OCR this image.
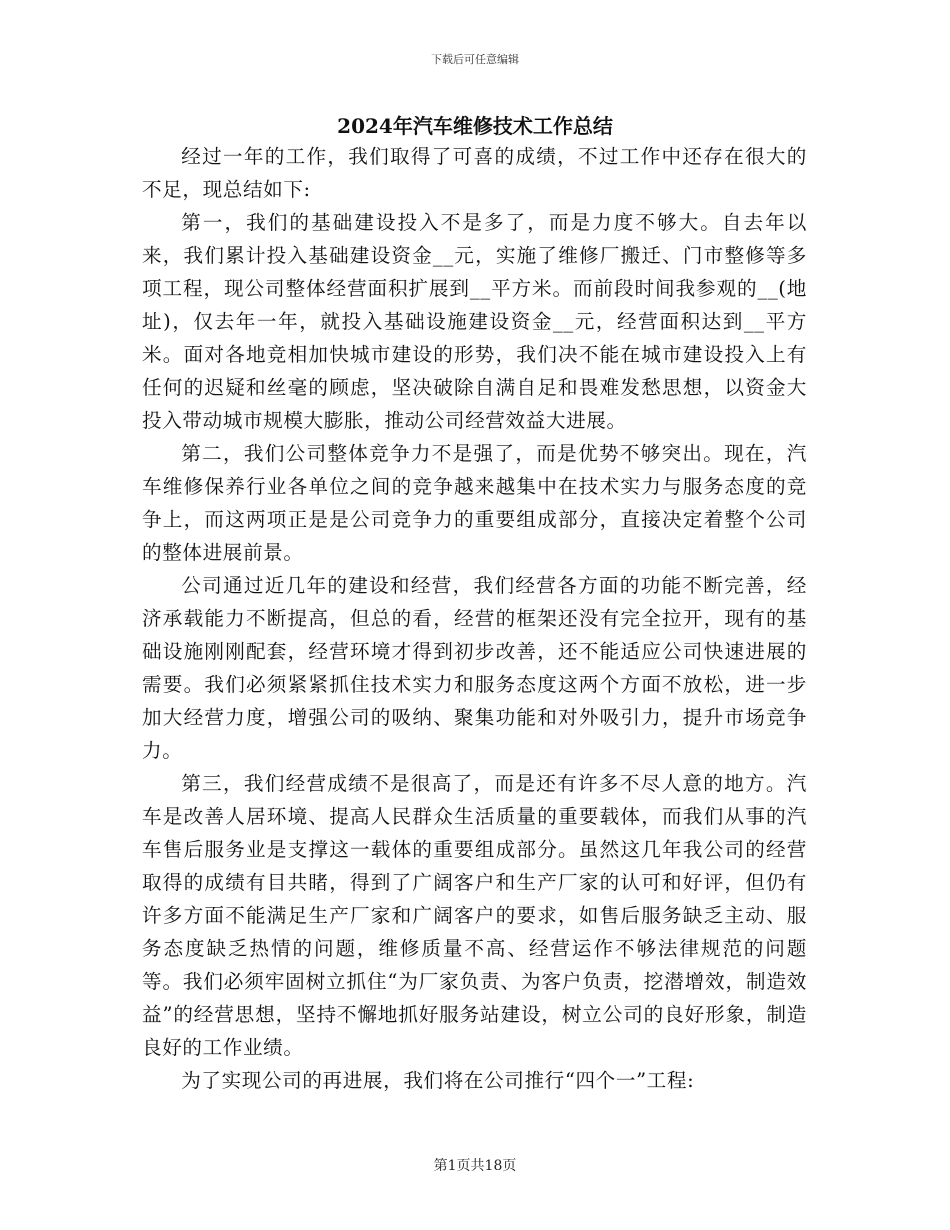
下载后可任意编辑
2024年汽车维修技术工作总结

经过一年的工作，我们取得了可喜的成绩，不过工作中还存在很大的不足，现总结如下:

第一，我们的基础建设投入不是多了，而是力度不够大。自去年以来，我们累计投入基础建设资金__元，实施了维修厂搬迁、门市整修等多项工程，现公司整体经营面积扩展到__平方米。而前段时间我参观的__(地址)，仅去年一年，就投入基础设施建设资金__元，经营面积达到__平方米。面对各地竞相加快城市建设的形势，我们决不能在城市建设投入上有任何的迟疑和丝毫的顾虑，坚决破除自满自足和畏难发愁思想，以资金大投入带动城市规模大膨胀，推动公司经营效益大进展。

第二，我们公司整体竞争力不是强了，而是优势不够突出。现在，汽车维修保养行业各单位之间的竞争越来越集中在技术实力与服务态度的竞争上，而这两项正是是公司竞争力的重要组成部分，直接决定着整个公司的整体进展前景。

公司通过近几年的建设和经营，我们经营各方面的功能不断完善，经济承载能力不断提高，但总的看，经营的框架还没有完全拉开，现有的基础设施刚刚配套，经营环境才得到初步改善，还不能适应公司快速进展的需要。我们必须紧紧抓住技术实力和服务态度这两个方面不放松，进一步加大经营力度，增强公司的吸纳、聚集功能和对外吸引力，提升市场竞争力。

第三，我们经营成绩不是很高了，而是还有许多不尽人意的地方。汽车是改善人居环境、提高人民群众生活质量的重要载体，而我们从事的汽车售后服务业是支撑这一载体的重要组成部分。虽然这几年我公司的经营取得的成绩有目共睹，得到了广阔客户和生产厂家的认可和好评，但仍有许多方面不能满足生产厂家和广阔客户的要求，如售后服务缺乏主动、服务态度缺乏热情的问题，维修质量不高、经营运作不够法律规范的问题等。我们必须牢固树立抓住“为厂家负责、为客户负责，挖潜增效，制造效益”的经营思想，坚持不懈地抓好服务站建设，树立公司的良好形象，制造良好的工作业绩。

为了实现公司的再进展，我们将在公司推行“四个一”工程:

第1页共18页
